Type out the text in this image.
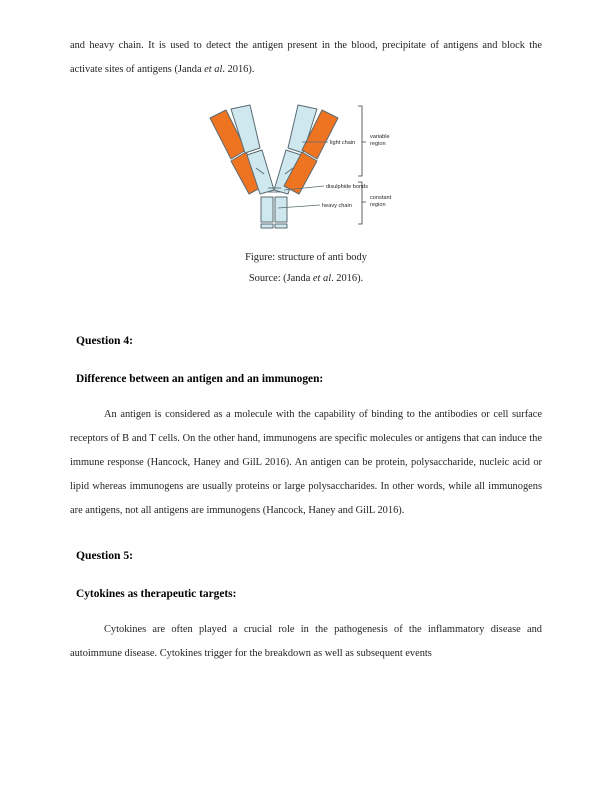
and heavy chain. It is used to detect the antigen present in the blood, precipitate of antigens and block the activate sites of antigens (Janda et al. 2016).

variable
region
light chain
disulphide bonds
heavy chain
constant
region
Figure: structure of anti body
Source: (Janda et al. 2016).
Question 4:
Difference between an antigen and an immunogen:

An antigen is considered as a molecule with the capability of binding to the antibodies or cell surface receptors of B and T cells. On the other hand, immunogens are specific molecules or antigens that can induce the immune response (Hancock, Haney and GilL 2016). An antigen can be protein, polysaccharide, nucleic acid or lipid whereas immunogens are usually proteins or large polysaccharides. In other words, while all immunogens are antigens, not all antigens are immunogens (Hancock, Haney and GilL 2016).

Question 5:
Cytokines as therapeutic targets:

Cytokines are often played a crucial role in the pathogenesis of the inflammatory disease and autoimmune disease. Cytokines trigger for the breakdown as well as subsequent events
